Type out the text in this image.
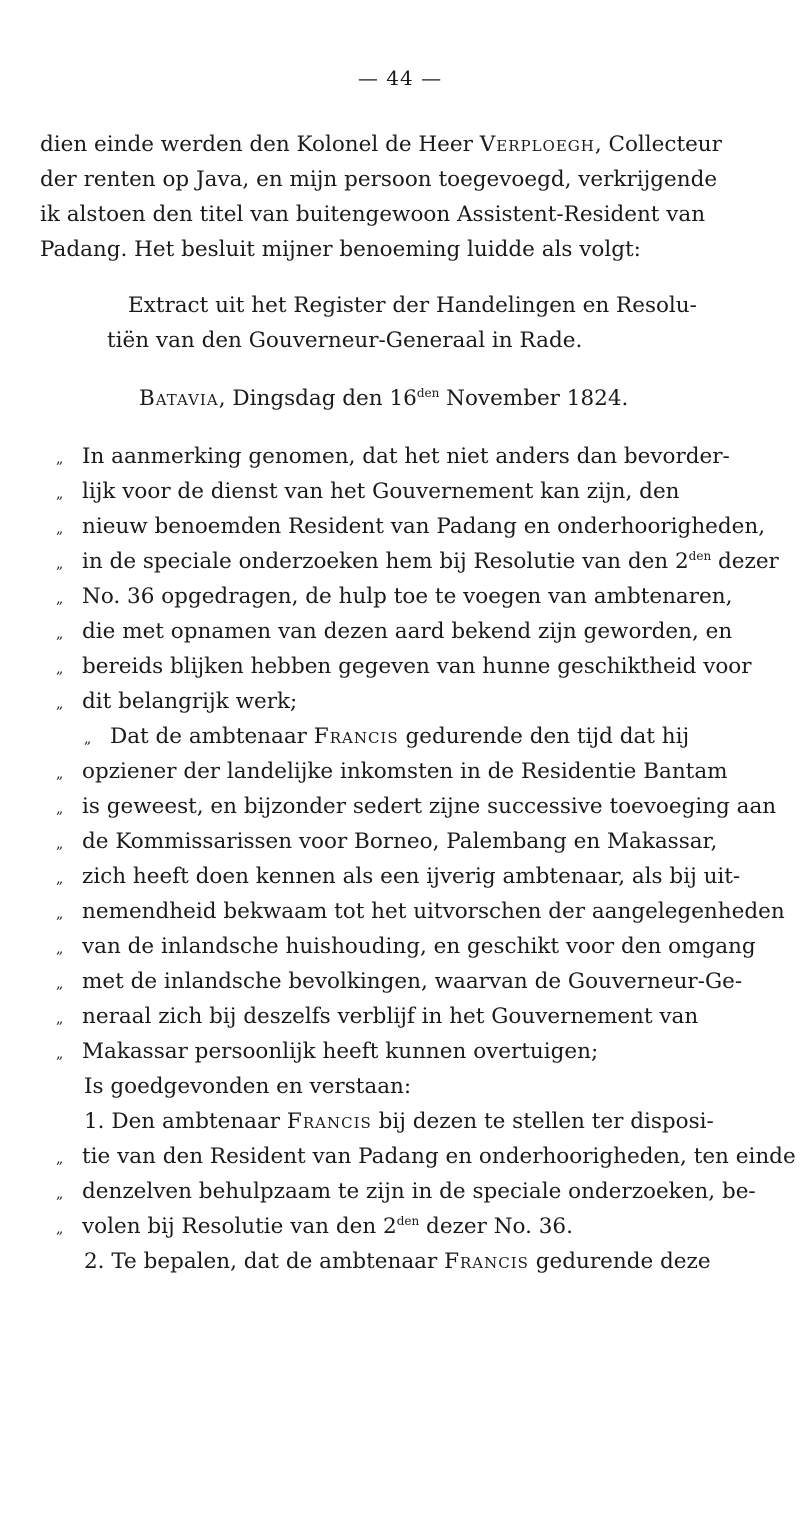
— 44 —
dien einde werden den Kolonel de Heer Verploegh, Collecteur
der renten op Java, en mijn persoon toegevoegd, verkrijgende
ik alstoen den titel van buitengewoon Assistent-Resident van
Padang. Het besluit mijner benoeming luidde als volgt:
Extract uit het Register der Handelingen en Resolu-
tiën van den Gouverneur-Generaal in Rade.
Batavia, Dingsdag den $16^{den}$ November 1824.
„ In aanmerking genomen, dat het niet anders dan bevorder-
„ lijk voor de dienst van het Gouvernement kan zijn, den
„ nieuw benoemden Resident van Padang en onderhoorigheden,
„ in de speciale onderzoeken hem bij Resolutie van den $2^{den}$ dezer
„ No. 36 opgedragen, de hulp toe te voegen van ambtenaren,
„ die met opnamen van dezen aard bekend zijn geworden, en
„ bereids blijken hebben gegeven van hunne geschiktheid voor
„ dit belangrijk werk;
„ Dat de ambtenaar Francis gedurende den tijd dat hij
„ opziener der landelijke inkomsten in de Residentie Bantam
„ is geweest, en bijzonder sedert zijne successive toevoeging aan
„ de Kommissarissen voor Borneo, Palembang en Makassar,
„ zich heeft doen kennen als een ijverig ambtenaar, als bij uit-
„ nemendheid bekwaam tot het uitvorschen der aangelegenheden
„ van de inlandsche huishouding, en geschikt voor den omgang
„ met de inlandsche bevolkingen, waarvan de Gouverneur-Ge-
„ neraal zich bij deszelfs verblijf in het Gouvernement van
„ Makassar persoonlijk heeft kunnen overtuigen;
Is goedgevonden en verstaan:
1. Den ambtenaar Francis bij dezen te stellen ter disposi-
„ tie van den Resident van Padang en onderhoorigheden, ten einde
„ denzelven behulpzaam te zijn in de speciale onderzoeken, be-
„ volen bij Resolutie van den $2^{den}$ dezer No. 36.
2. Te bepalen, dat de ambtenaar Francis gedurende deze
